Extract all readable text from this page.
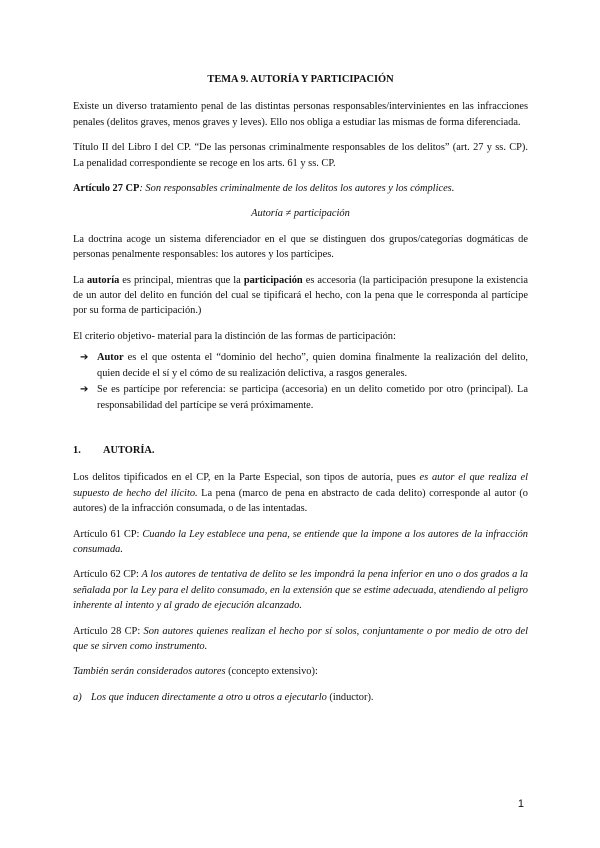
TEMA 9. AUTORÍA Y PARTICIPACIÓN

Existe un diverso tratamiento penal de las distintas personas responsables/intervinientes en las infracciones penales (delitos graves, menos graves y leves). Ello nos obliga a estudiar las mismas de forma diferenciada.

Título II del Libro I del CP. “De las personas criminalmente responsables de los delitos” (art. 27 y ss. CP). La penalidad correspondiente se recoge en los arts. 61 y ss. CP.

Artículo 27 CP: Son responsables criminalmente de los delitos los autores y los cómplices.

Autoría ≠ participación

La doctrina acoge un sistema diferenciador en el que se distinguen dos grupos/categorías dogmáticas de personas penalmente responsables: los autores y los partícipes.

La autoría es principal, mientras que la participación es accesoria (la participación presupone la existencia de un autor del delito en función del cual se tipificará el hecho, con la pena que le corresponda al partícipe por su forma de participación.)

El criterio objetivo- material para la distinción de las formas de participación:

➔ Autor es el que ostenta el “dominio del hecho”, quien domina finalmente la realización del delito, quien decide el sí y el cómo de su realización delictiva, a rasgos generales.
➔ Se es partícipe por referencia: se participa (accesoria) en un delito cometido por otro (principal). La responsabilidad del partícipe se verá próximamente.

1. AUTORÍA.

Los delitos tipificados en el CP, en la Parte Especial, son tipos de autoría, pues es autor el que realiza el supuesto de hecho del ilícito. La pena (marco de pena en abstracto de cada delito) corresponde al autor (o autores) de la infracción consumada, o de las intentadas.

Artículo 61 CP: Cuando la Ley establece una pena, se entiende que la impone a los autores de la infracción consumada.

Artículo 62 CP: A los autores de tentativa de delito se les impondrá la pena inferior en uno o dos grados a la señalada por la Ley para el delito consumado, en la extensión que se estime adecuada, atendiendo al peligro inherente al intento y al grado de ejecución alcanzado.

Artículo 28 CP: Son autores quienes realizan el hecho por sí solos, conjuntamente o por medio de otro del que se sirven como instrumento.

También serán considerados autores (concepto extensivo):

a) Los que inducen directamente a otro u otros a ejecutarlo (inductor).

1
